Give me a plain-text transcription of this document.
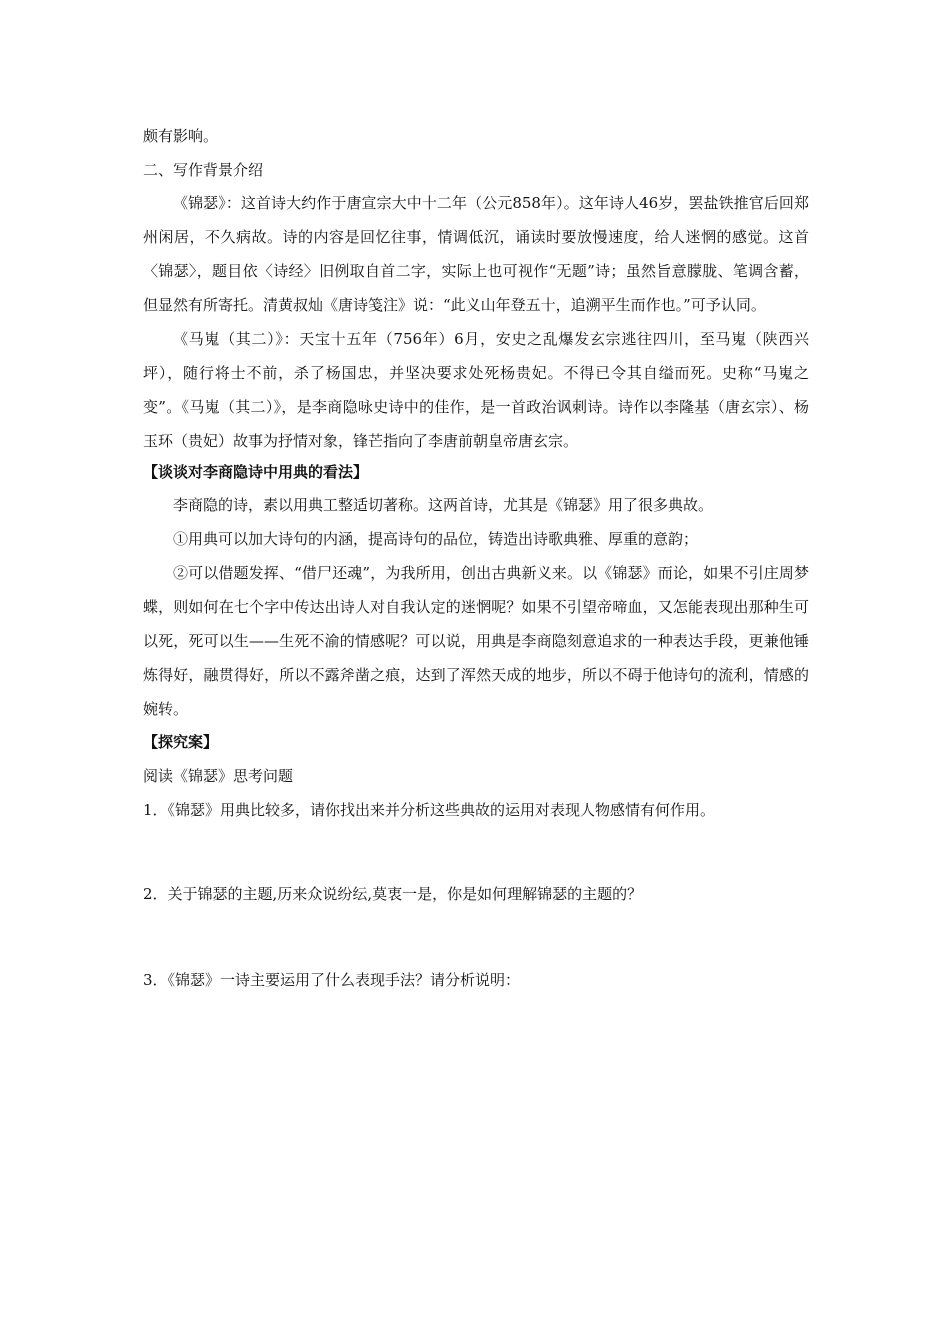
颇有影响。

二、写作背景介绍

《锦瑟》：这首诗大约作于唐宣宗大中十二年（公元858年）。这年诗人46岁，罢盐铁推官后回郑州闲居，不久病故。诗的内容是回忆往事，情调低沉，诵读时要放慢速度，给人迷惘的感觉。这首〈锦瑟〉，题目依〈诗经〉旧例取自首二字，实际上也可视作“无题”诗；虽然旨意朦胧、笔调含蓄，但显然有所寄托。清黄叔灿《唐诗笺注》说：“此义山年登五十，追溯平生而作也。”可予认同。

《马嵬（其二）》：天宝十五年（756年）6月，安史之乱爆发玄宗逃往四川，至马嵬（陕西兴坪），随行将士不前，杀了杨国忠，并坚决要求处死杨贵妃。不得已令其自缢而死。史称“马嵬之变”。《马嵬（其二）》，是李商隐咏史诗中的佳作，是一首政治讽刺诗。诗作以李隆基（唐玄宗）、杨玉环（贵妃）故事为抒情对象，锋芒指向了李唐前朝皇帝唐玄宗。

【谈谈对李商隐诗中用典的看法】

李商隐的诗，素以用典工整适切著称。这两首诗，尤其是《锦瑟》用了很多典故。

①用典可以加大诗句的内涵，提高诗句的品位，铸造出诗歌典雅、厚重的意韵；

②可以借题发挥、“借尸还魂”，为我所用，创出古典新义来。以《锦瑟》而论，如果不引庄周梦蝶，则如何在七个字中传达出诗人对自我认定的迷惘呢？如果不引望帝啼血，又怎能表现出那种生可以死，死可以生——生死不渝的情感呢？可以说，用典是李商隐刻意追求的一种表达手段，更兼他锤炼得好，融贯得好，所以不露斧凿之痕，达到了浑然天成的地步，所以不碍于他诗句的流利，情感的婉转。

【探究案】

阅读《锦瑟》思考问题

1．《锦瑟》用典比较多，请你找出来并分析这些典故的运用对表现人物感情有何作用。

2．关于锦瑟的主题,历来众说纷纭,莫衷一是，你是如何理解锦瑟的主题的？

3．《锦瑟》一诗主要运用了什么表现手法？请分析说明：
